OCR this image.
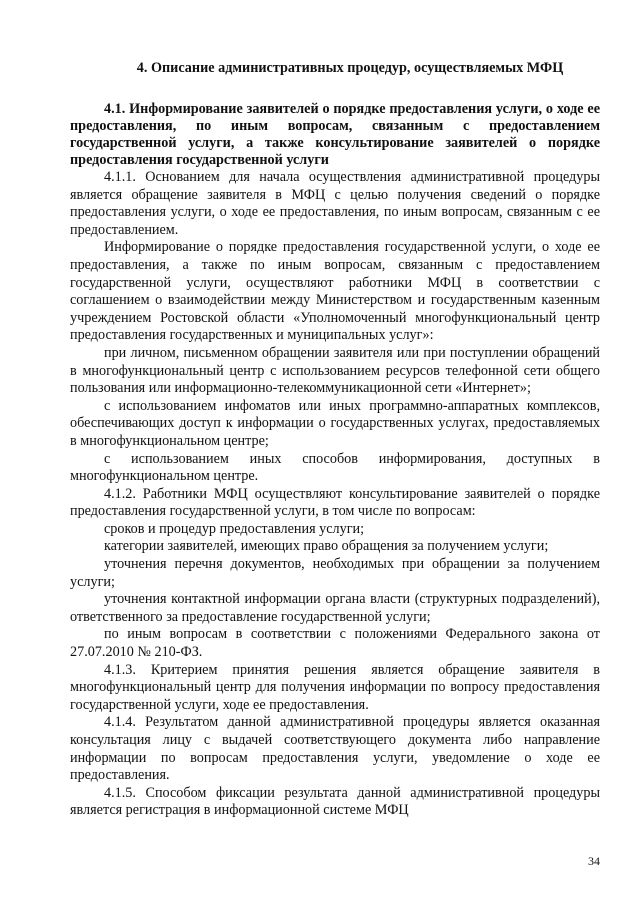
4. Описание административных процедур, осуществляемых МФЦ

4.1. Информирование заявителей о порядке предоставления услуги, о ходе ее предоставления, по иным вопросам, связанным с предоставлением государственной услуги, а также консультирование заявителей о порядке предоставления государственной услуги

4.1.1. Основанием для начала осуществления административной процедуры является обращение заявителя в МФЦ с целью получения сведений о порядке предоставления услуги, о ходе ее предоставления, по иным вопросам, связанным с ее предоставлением.

Информирование о порядке предоставления государственной услуги, о ходе ее предоставления, а также по иным вопросам, связанным с предоставлением государственной услуги, осуществляют работники МФЦ в соответствии с соглашением о взаимодействии между Министерством и государственным казенным учреждением Ростовской области «Уполномоченный многофункциональный центр предоставления государственных и муниципальных услуг»:

при личном, письменном обращении заявителя или при поступлении обращений в многофункциональный центр с использованием ресурсов телефонной сети общего пользования или информационно-телекоммуникационной сети «Интернет»;

с использованием инфоматов или иных программно-аппаратных комплексов, обеспечивающих доступ к информации о государственных услугах, предоставляемых в многофункциональном центре;

с использованием иных способов информирования, доступных в многофункциональном центре.

4.1.2. Работники МФЦ осуществляют консультирование заявителей о порядке предоставления государственной услуги, в том числе по вопросам:

сроков и процедур предоставления услуги;

категории заявителей, имеющих право обращения за получением услуги;

уточнения перечня документов, необходимых при обращении за получением услуги;

уточнения контактной информации органа власти (структурных подразделений), ответственного за предоставление государственной услуги;

по иным вопросам в соответствии с положениями Федерального закона от 27.07.2010 № 210-ФЗ.

4.1.3. Критерием принятия решения является обращение заявителя в многофункциональный центр для получения информации по вопросу предоставления государственной услуги, ходе ее предоставления.

4.1.4. Результатом данной административной процедуры является оказанная консультация лицу с выдачей соответствующего документа либо направление информации по вопросам предоставления услуги, уведомление о ходе ее предоставления.

4.1.5. Способом фиксации результата данной административной процедуры является регистрация в информационной системе МФЦ

34
